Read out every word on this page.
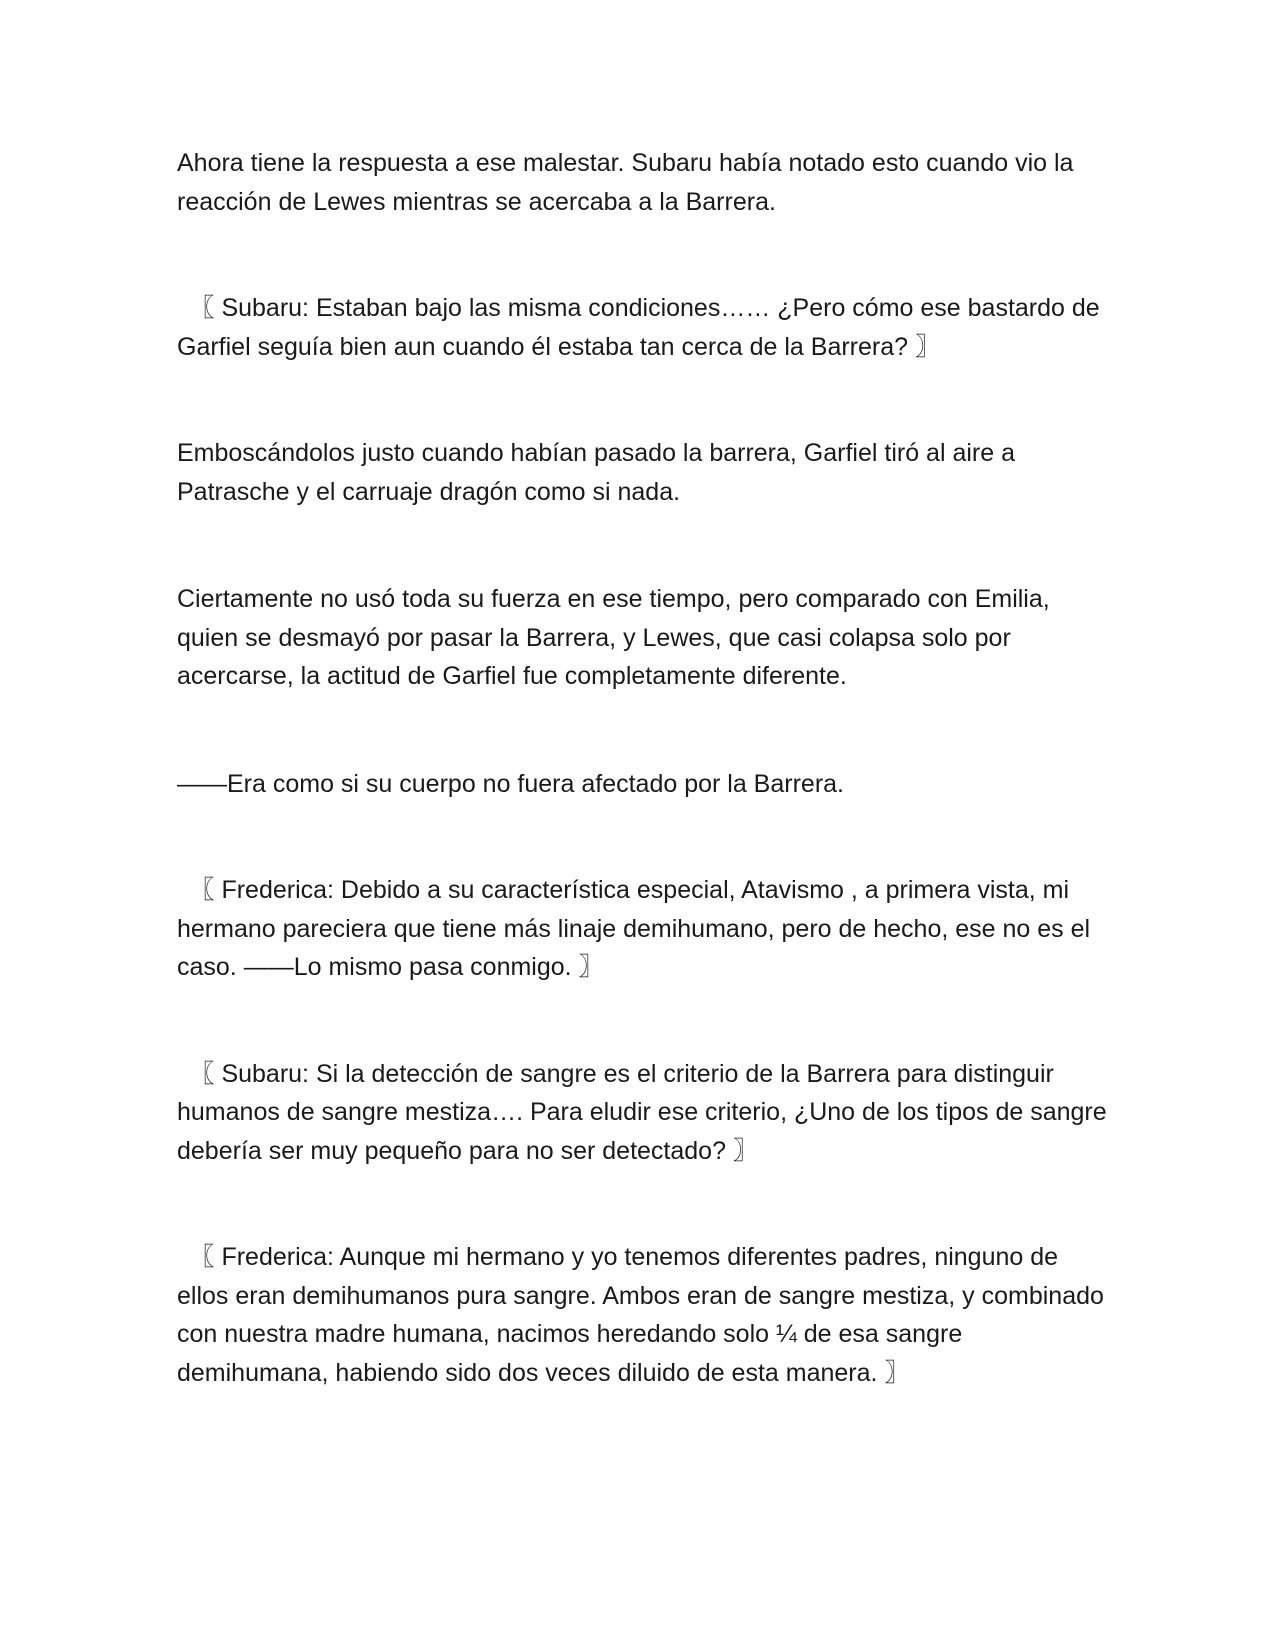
Ahora tiene la respuesta a ese malestar. Subaru había notado esto cuando vio la reacción de Lewes mientras se acercaba a la Barrera.

　〖 Subaru: Estaban bajo las misma condiciones…… ¿Pero cómo ese bastardo de Garfiel seguía bien aun cuando él estaba tan cerca de la Barrera? 〗

Emboscándolos justo cuando habían pasado la barrera, Garfiel tiró al aire a Patrasche y el carruaje dragón como si nada.

Ciertamente no usó toda su fuerza en ese tiempo, pero comparado con Emilia, quien se desmayó por pasar la Barrera, y Lewes, que casi colapsa solo por acercarse, la actitud de Garfiel fue completamente diferente.

——Era como si su cuerpo no fuera afectado por la Barrera.

　〖 Frederica: Debido a su característica especial, Atavismo , a primera vista, mi hermano pareciera que tiene más linaje demihumano, pero de hecho, ese no es el caso. ——Lo mismo pasa conmigo. 〗

　〖 Subaru: Si la detección de sangre es el criterio de la Barrera para distinguir humanos de sangre mestiza…. Para eludir ese criterio, ¿Uno de los tipos de sangre debería ser muy pequeño para no ser detectado? 〗

　〖 Frederica: Aunque mi hermano y yo tenemos diferentes padres, ninguno de ellos eran demihumanos pura sangre. Ambos eran de sangre mestiza, y combinado con nuestra madre humana, nacimos heredando solo ¼ de esa sangre demihumana, habiendo sido dos veces diluido de esta manera. 〗
